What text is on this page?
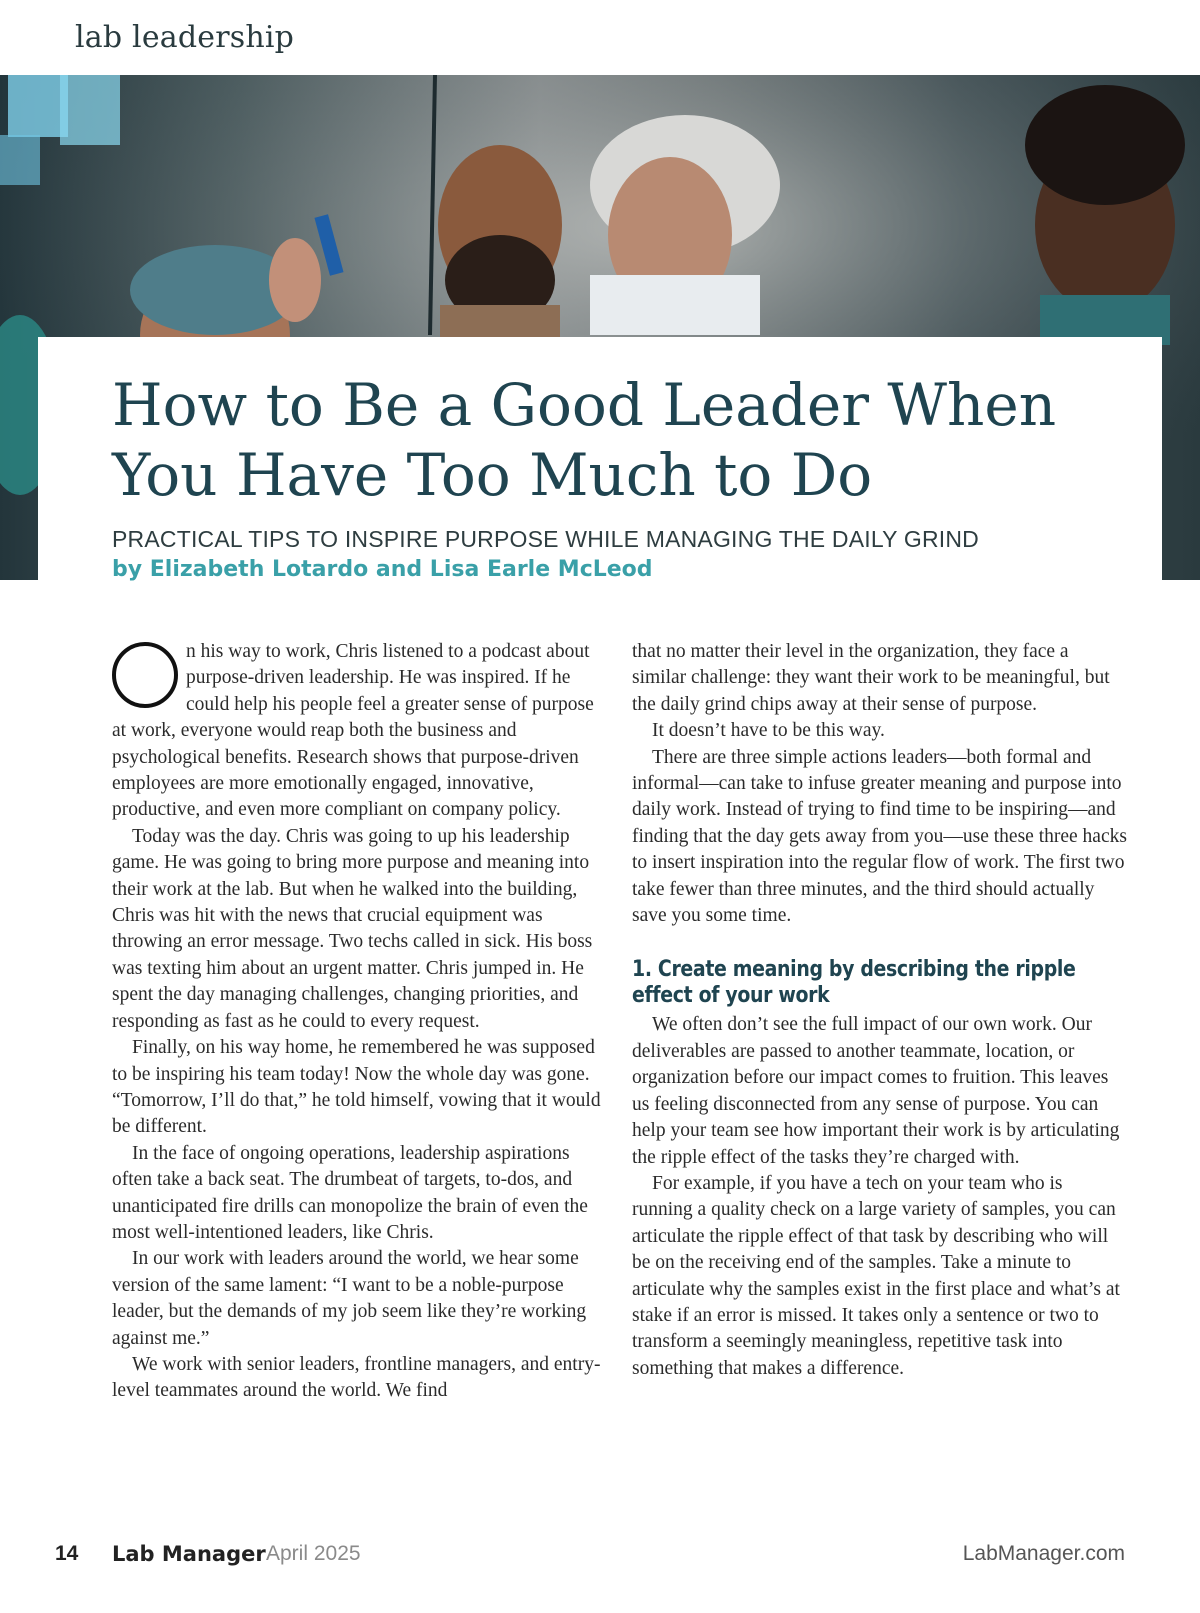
lab leadership
How to Be a Good Leader When
You Have Too Much to Do
PRACTICAL TIPS TO INSPIRE PURPOSE WHILE MANAGING THE DAILY GRIND
by Elizabeth Lotardo and Lisa Earle McLeod

n his way to work, Chris listened to a podcast about purpose-driven leadership. He was inspired. If he could help his people feel a greater sense of purpose at work, everyone would reap both the business and psychological benefits. Research shows that purpose-driven employees are more emotionally engaged, innovative, productive, and even more compliant on company policy.

Today was the day. Chris was going to up his leadership game. He was going to bring more purpose and meaning into their work at the lab. But when he walked into the building, Chris was hit with the news that crucial equipment was throwing an error message. Two techs called in sick. His boss was texting him about an urgent matter. Chris jumped in. He spent the day managing challenges, changing priorities, and responding as fast as he could to every request.

Finally, on his way home, he remembered he was supposed to be inspiring his team today! Now the whole day was gone. “Tomorrow, I’ll do that,” he told himself, vowing that it would be different.

In the face of ongoing operations, leadership aspirations often take a back seat. The drumbeat of targets, to-dos, and unanticipated fire drills can monopolize the brain of even the most well-intentioned leaders, like Chris.

In our work with leaders around the world, we hear some version of the same lament: “I want to be a noble-purpose leader, but the demands of my job seem like they’re working against me.”

We work with senior leaders, frontline managers, and entry-level teammates around the world. We find

that no matter their level in the organization, they face a similar challenge: they want their work to be meaningful, but the daily grind chips away at their sense of purpose.

It doesn’t have to be this way.

There are three simple actions leaders—both formal and informal—can take to infuse greater meaning and purpose into daily work. Instead of trying to find time to be inspiring—and finding that the day gets away from you—use these three hacks to insert inspiration into the regular flow of work. The first two take fewer than three minutes, and the third should actually save you some time.

1. Create meaning by describing the ripple effect of your work

We often don’t see the full impact of our own work. Our deliverables are passed to another teammate, location, or organization before our impact comes to fruition. This leaves us feeling disconnected from any sense of purpose. You can help your team see how important their work is by articulating the ripple effect of the tasks they’re charged with.

For example, if you have a tech on your team who is running a quality check on a large variety of samples, you can articulate the ripple effect of that task by describing who will be on the receiving end of the samples. Take a minute to articulate why the samples exist in the first place and what’s at stake if an error is missed. It takes only a sentence or two to transform a seemingly meaningless, repetitive task into something that makes a difference.

14 Lab Manager April 2025	LabManager.com
